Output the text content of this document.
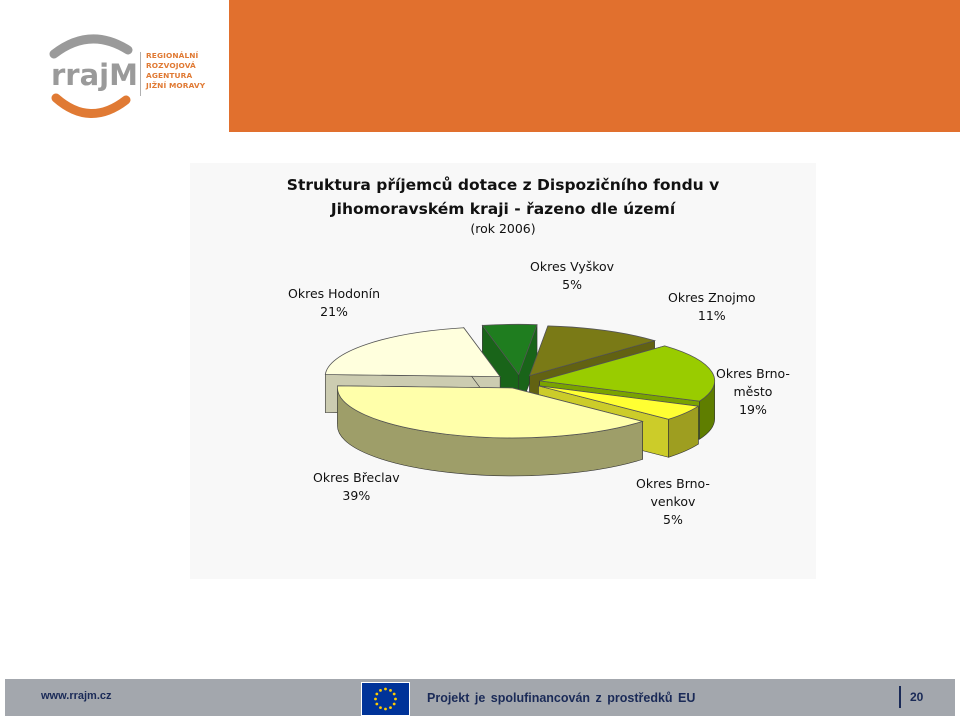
rrajM
REGIONÁLNÍ
ROZVOJOVÁ
AGENTURA
JIŽNÍ MORAVY
Struktura příjemců dotace z Dispozičního fondu v
Jihomoravském kraji - řazeno dle území
(rok 2006)
Okres Vyškov
5%
Okres Znojmo
11%
Okres Brno-
město
19%
Okres Brno-
venkov
5%
Okres Břeclav
39%
Okres Hodonín
21%
www.rrajm.cz	Projekt je spolufinancován z prostředků EU	20
